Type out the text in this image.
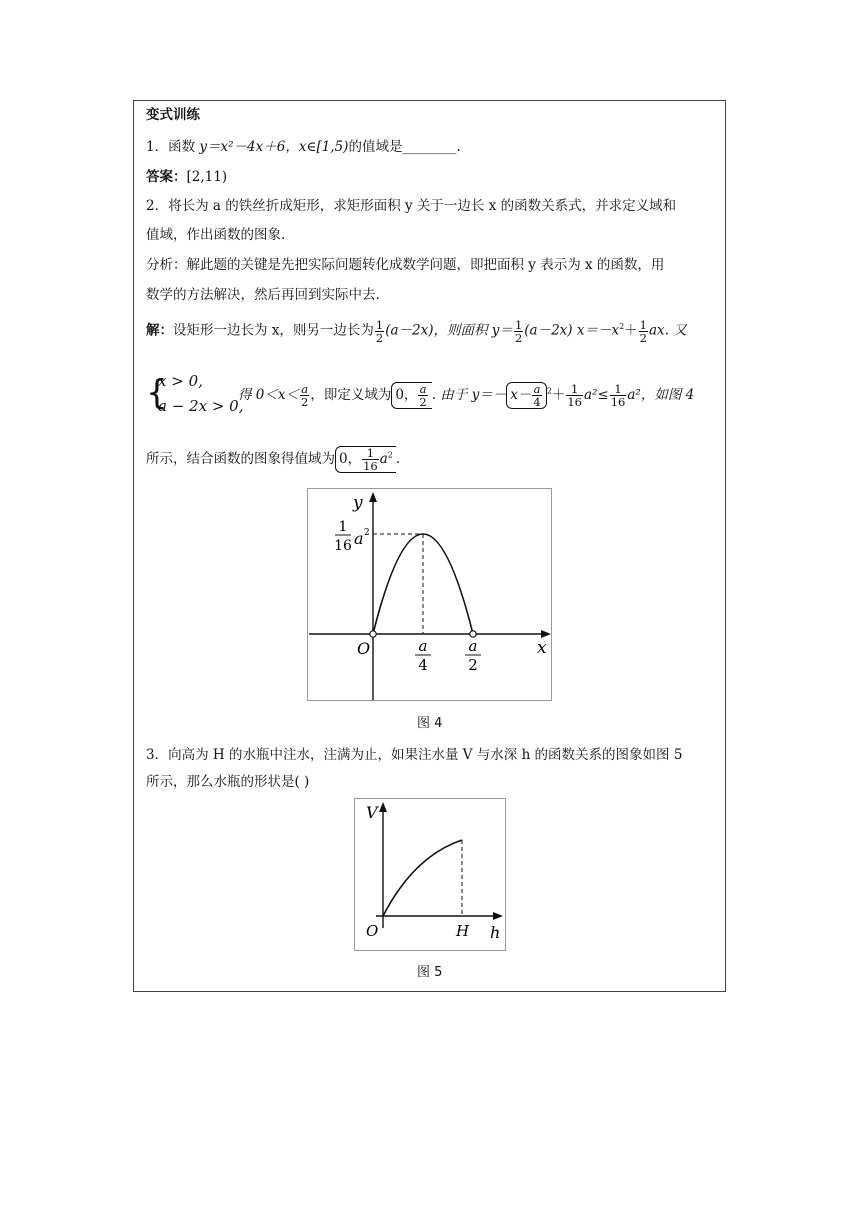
变式训练
1．函数 y＝x²－4x＋6，x∈[1,5)的值域是________.
答案：[2,11)
2．将长为 a 的铁丝折成矩形，求矩形面积 y 关于一边长 x 的函数关系式，并求定义域和
值域，作出函数的图象.
分析：解此题的关键是先把实际问题转化成数学问题，即把面积 y 表示为 x 的函数，用
数学的方法解决，然后再回到实际中去.
解：设矩形一边长为 x，则另一边长为 $\frac{1}{2} (a-2x)$，则面积 $y= \frac{1}{2} (a-2x)$ $x=-x^2+ \frac{1}{2}$ ax. 又
{
x > 0,
a − 2x > 0,
得 $0<x< \frac{a}{2}$ ，即定义域为 0， $\frac{a}{2}$ . 由于 $y=- x- \frac{a}{4} ^2+ \frac{1}{16} a^2\le \frac{1}{16} a^2$，如图 4
所示，结合函数的图象得值域为 0， $\frac{1}{16} a^2$ .
y
x
O
1
16 a 2
a
4
a
2
图 4
3．向高为 H 的水瓶中注水，注满为止，如果注水量 V 与水深 h 的函数关系的图象如图 5
所示，那么水瓶的形状是( )
V
h
O	H
图 5
